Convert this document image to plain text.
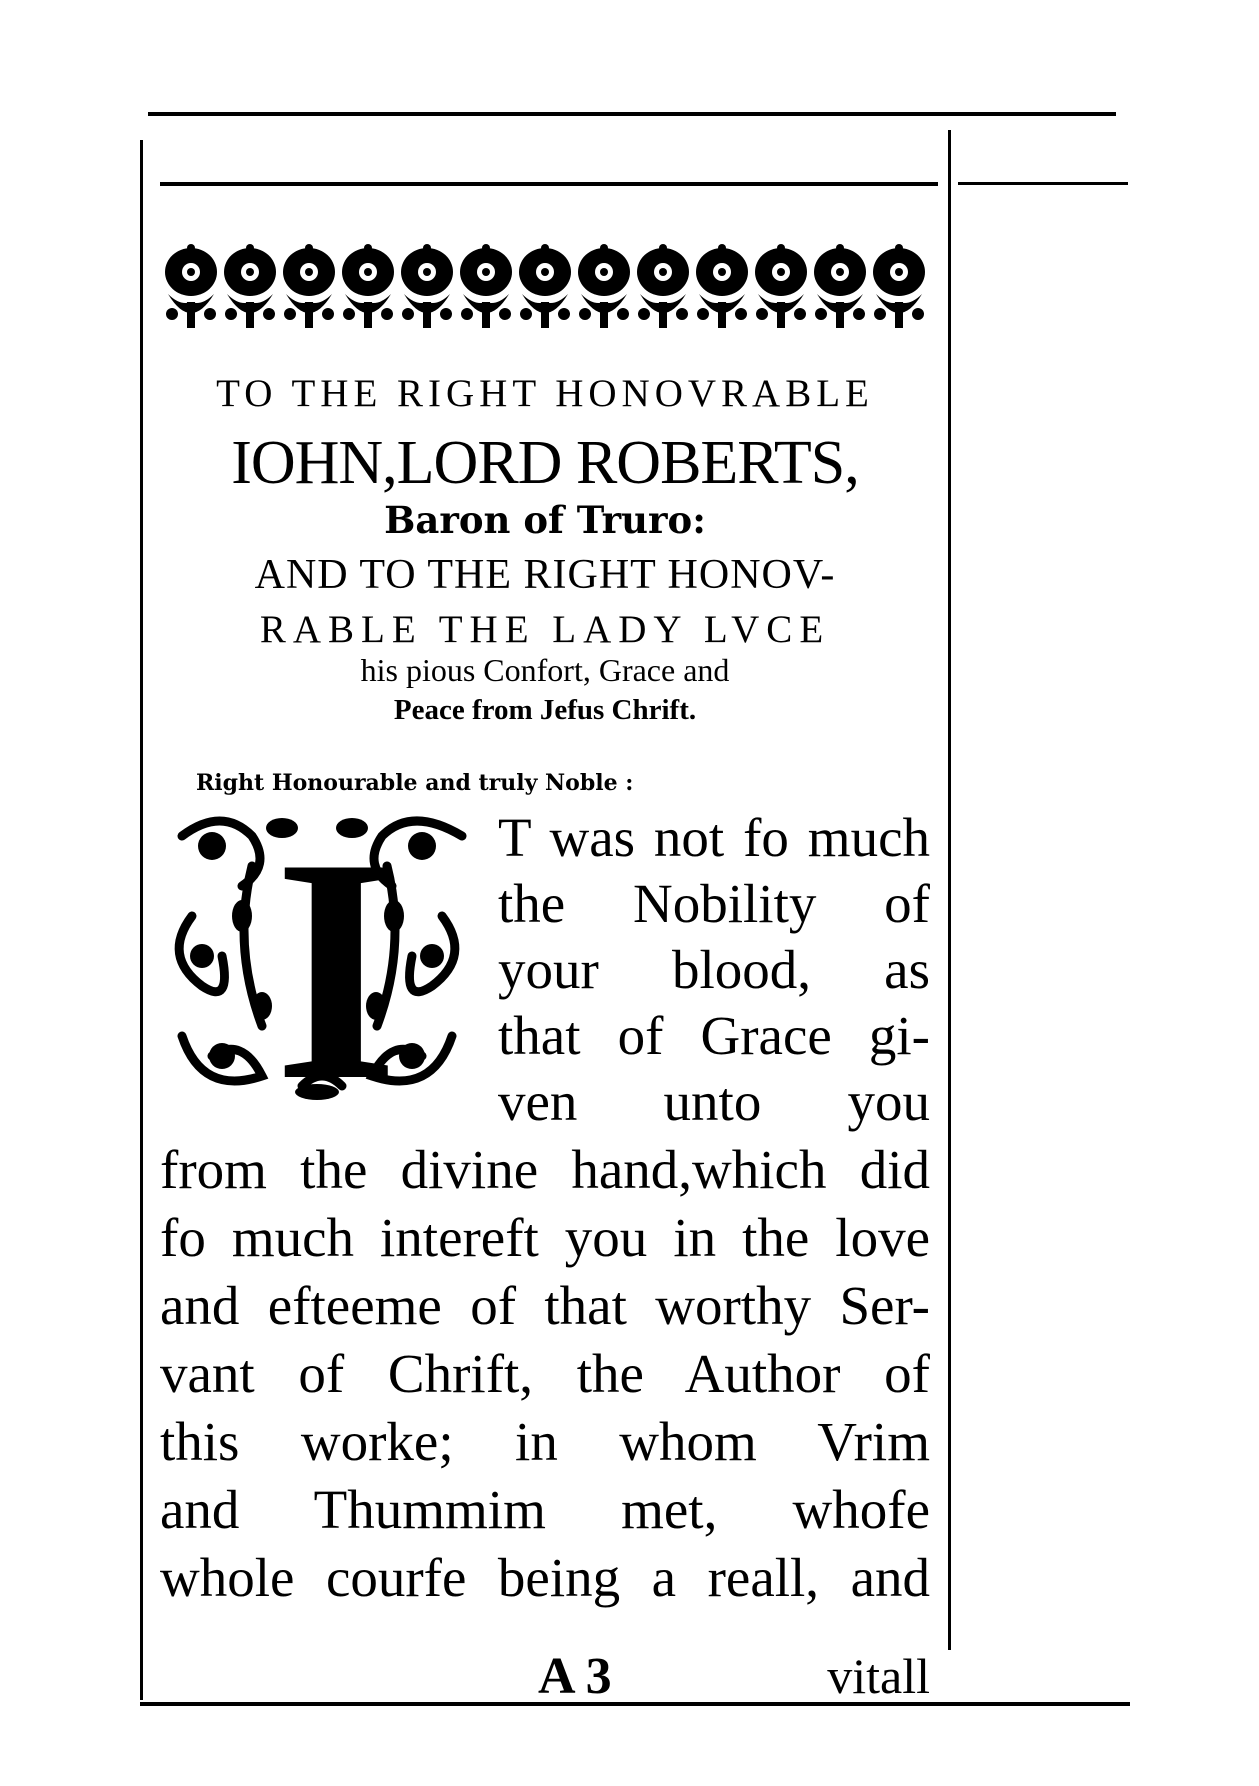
TO THE RIGHT HONOVRABLE
IOHN,LORD ROBERTS,
Baron of Truro:
AND TO THE RIGHT HONOV-
RABLE THE LADY LVCE
his pious Confort, Grace and
Peace from Jefus Chrift.
Right Honourable and truly Noble :
I T was not fo much
the Nobility of
your blood, as
that of Grace gi-
ven unto you
from the divine hand,which did
fo much intereft you in the love
and efteeme of that worthy Ser-
vant of Chrift, the Author of
this worke; in whom Vrim
and Thummim met, whofe
whole courfe being a reall, and
A 3	vitall
